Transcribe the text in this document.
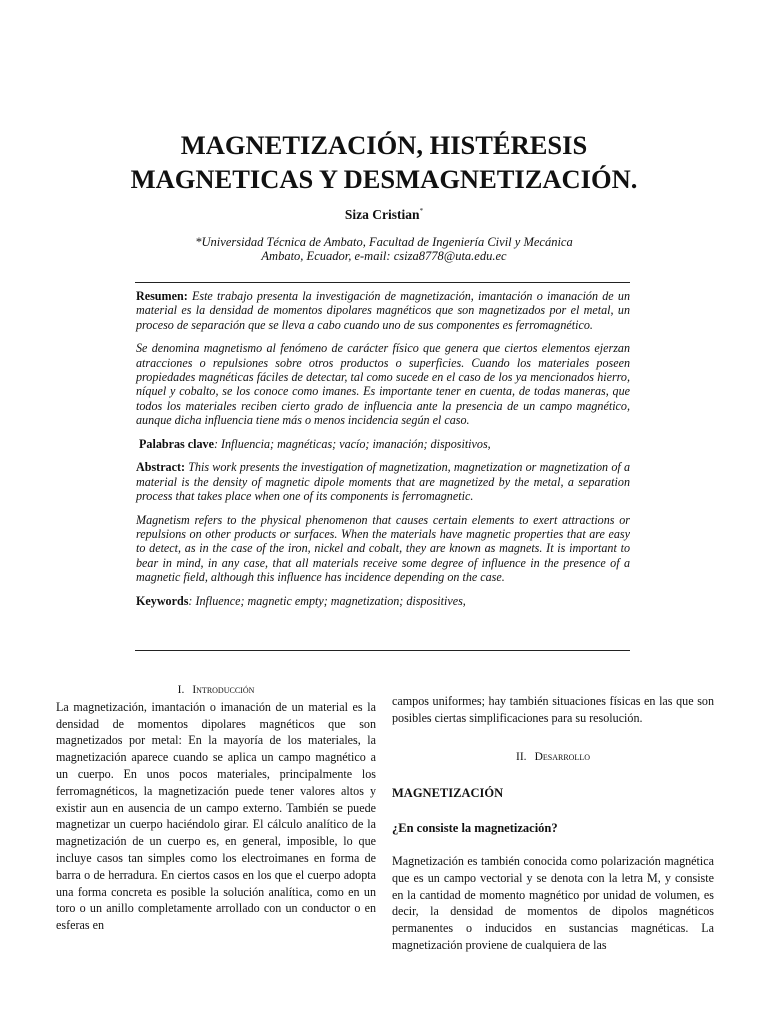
MAGNETIZACIÓN, HISTÉRESIS
MAGNETICAS Y DESMAGNETIZACIÓN.
Siza Cristian*
*Universidad Técnica de Ambato, Facultad de Ingeniería Civil y Mecánica
Ambato, Ecuador, e-mail: csiza8778@uta.edu.ec

Resumen: Este trabajo presenta la investigación de magnetización, imantación o imanación de un material es la densidad de momentos dipolares magnéticos que son magnetizados por el metal, un proceso de separación que se lleva a cabo cuando uno de sus componentes es ferromagnético.

Se denomina magnetismo al fenómeno de carácter físico que genera que ciertos elementos ejerzan atracciones o repulsiones sobre otros productos o superficies. Cuando los materiales poseen propiedades magnéticas fáciles de detectar, tal como sucede en el caso de los ya mencionados hierro, níquel y cobalto, se los conoce como imanes. Es importante tener en cuenta, de todas maneras, que todos los materiales reciben cierto grado de influencia ante la presencia de un campo magnético, aunque dicha influencia tiene más o menos incidencia según el caso.

Palabras clave: Influencia; magnéticas; vacío; imanación; dispositivos,

Abstract: This work presents the investigation of magnetization, magnetization or magnetization of a material is the density of magnetic dipole moments that are magnetized by the metal, a separation process that takes place when one of its components is ferromagnetic.

Magnetism refers to the physical phenomenon that causes certain elements to exert attractions or repulsions on other products or surfaces. When the materials have magnetic properties that are easy to detect, as in the case of the iron, nickel and cobalt, they are known as magnets. It is important to bear in mind, in any case, that all materials receive some degree of influence in the presence of a magnetic field, although this influence has incidence depending on the case.

Keywords: Influence; magnetic empty; magnetization; dispositives,

I. Introducción

La magnetización, imantación o imanación de un material es la densidad de momentos dipolares magnéticos que son magnetizados por metal: En la mayoría de los materiales, la magnetización aparece cuando se aplica un campo magnético a un cuerpo. En unos pocos materiales, principalmente los ferromagnéticos, la magnetización puede tener valores altos y existir aun en ausencia de un campo externo. También se puede magnetizar un cuerpo haciéndolo girar. El cálculo analítico de la magnetización de un cuerpo es, en general, imposible, lo que incluye casos tan simples como los electroimanes en forma de barra o de herradura. En ciertos casos en los que el cuerpo adopta una forma concreta es posible la solución analítica, como en un toro o un anillo completamente arrollado con un conductor o en esferas en

campos uniformes; hay también situaciones físicas en las que son posibles ciertas simplificaciones para su resolución.

II. Desarrollo
MAGNETIZACIÓN
¿En consiste la magnetización?

Magnetización es también conocida como polarización magnética que es un campo vectorial y se denota con la letra M, y consiste en la cantidad de momento magnético por unidad de volumen, es decir, la densidad de momentos de dipolos magnéticos permanentes o inducidos en sustancias magnéticas. La magnetización proviene de cualquiera de las
